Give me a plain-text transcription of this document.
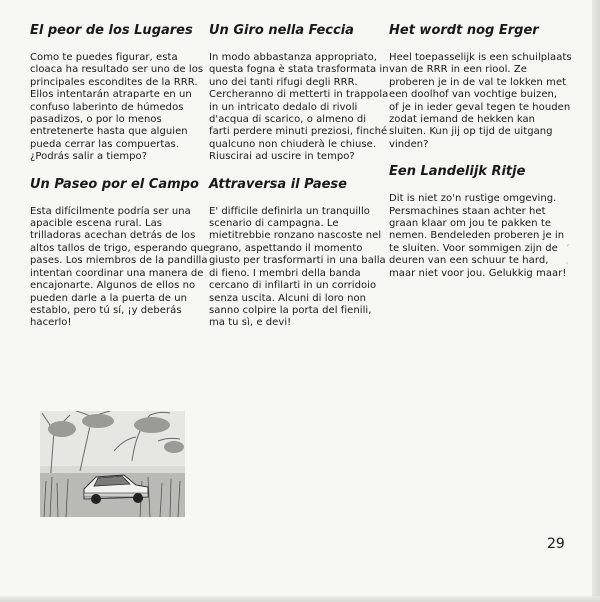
El peor de los Lugares
Como te puedes figurar, esta
cloaca ha resultado ser uno de los
principales escondites de la RRR.
Ellos intentarán atraparte en un
confuso laberinto de húmedos
pasadizos, o por lo menos
entretenerte hasta que alguien
pueda cerrar las compuertas.
¿Podrás salir a tiempo?
Un Paseo por el Campo
Esta difícilmente podría ser una
apacible escena rural. Las
trilladoras acechan detrás de los
altos tallos de trigo, esperando que
pases. Los miembros de la pandilla
intentan coordinar una manera de
encajonarte. Algunos de ellos no
pueden darle a la puerta de un
establo, pero tú sí, ¡y deberás
hacerlo!
Un Giro nella Feccia
In modo abbastanza appropriato,
questa fogna è stata trasformata in
uno dei tanti rifugi degli RRR.
Cercheranno di metterti in trappola
in un intricato dedalo di rivoli
d'acqua di scarico, o almeno di
farti perdere minuti preziosi, finché
qualcuno non chiuderà le chiuse.
Riuscirai ad uscire in tempo?
Attraversa il Paese
E' difficile definirla un tranquillo
scenario di campagna. Le
mietitrebbie ronzano nascoste nel
grano, aspettando il momento
giusto per trasformarti in una balla
di fieno. I membri della banda
cercano di infilarti in un corridoio
senza uscita. Alcuni di loro non
sanno colpire la porta del fienili,
ma tu sì, e devi!
Het wordt nog Erger
Heel toepasselijk is een schuilplaats
van de RRR in een riool. Ze
proberen je in de val te lokken met
een doolhof van vochtige buizen,
of je in ieder geval tegen te houden
zodat iemand de hekken kan
sluiten. Kun jij op tijd de uitgang
vinden?
Een Landelijk Ritje
Dit is niet zo'n rustige omgeving.
Persmachines staan achter het
graan klaar om jou te pakken te
nemen. Bendeleden proberen je in
te sluiten. Voor sommigen zijn de
deuren van een schuur te hard,
maar niet voor jou. Gelukkig maar!
29
′
′
